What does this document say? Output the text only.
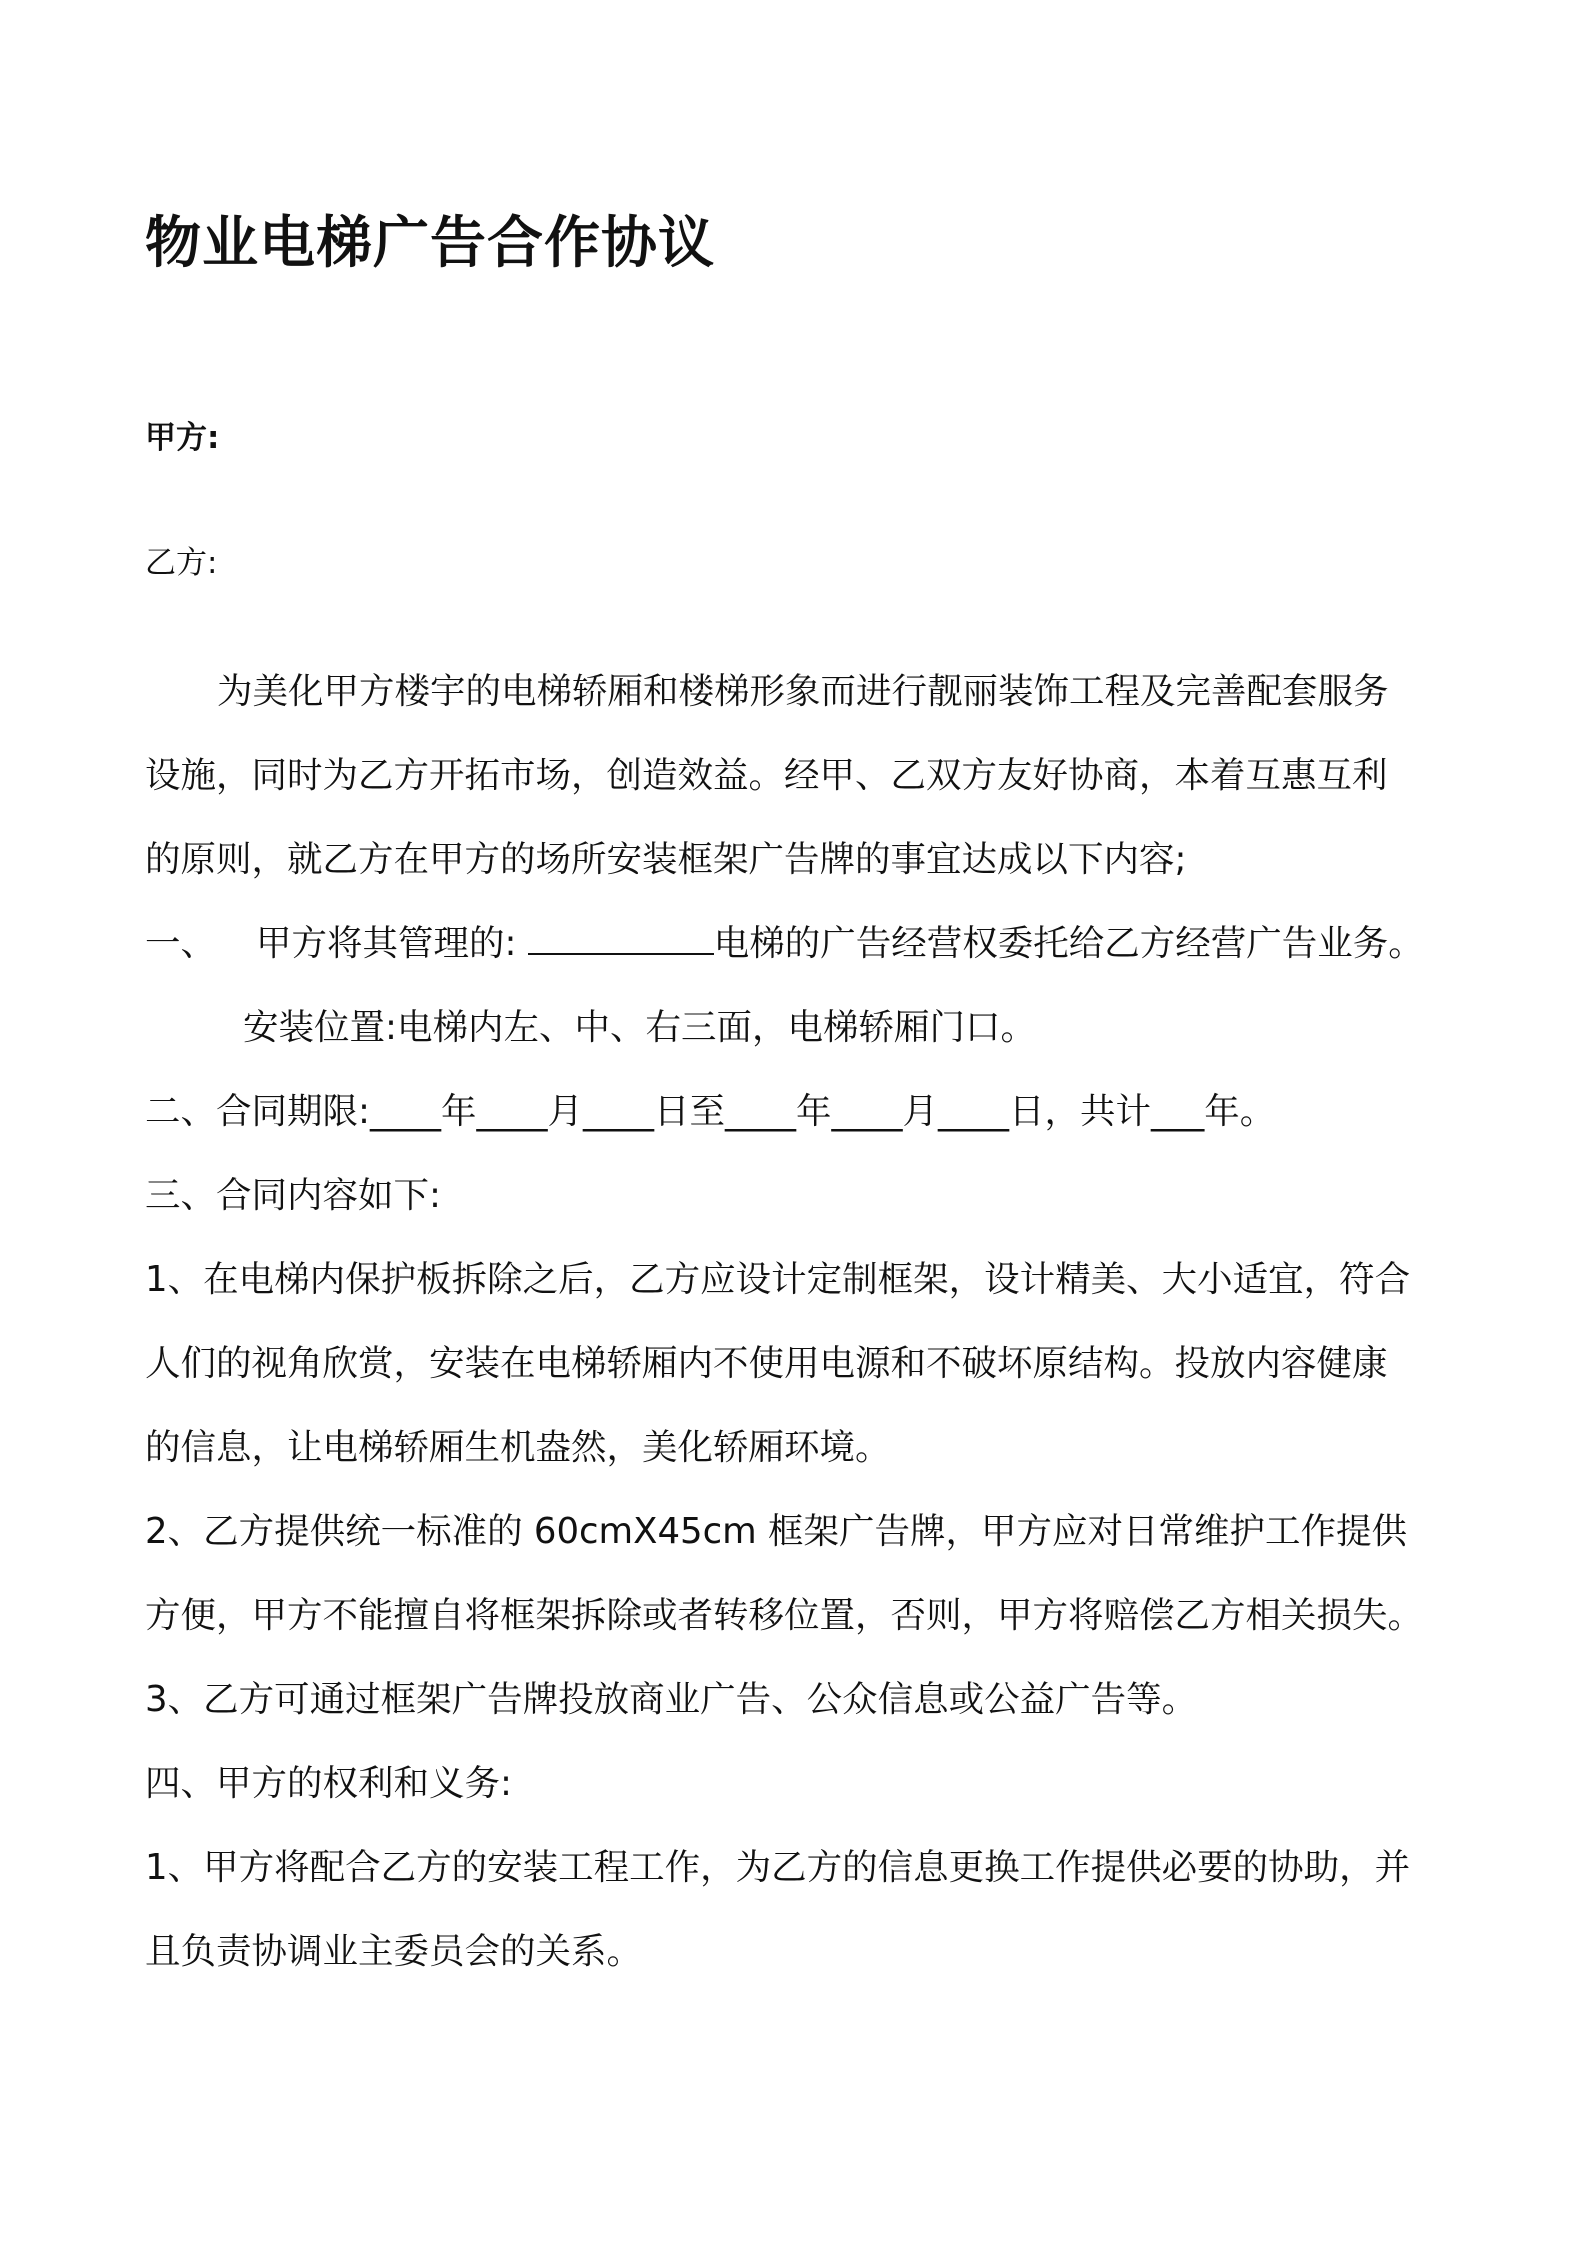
物业电梯广告合作协议

甲方:

乙方:

为美化甲方楼宇的电梯轿厢和楼梯形象而进行靓丽装饰工程及完善配套服务

设施，同时为乙方开拓市场，创造效益。经甲、乙双方友好协商，本着互惠互利

的原则，就乙方在甲方的场所安装框架广告牌的事宜达成以下内容;

一、 甲方将其管理的:	电梯的广告经营权委托给乙方经营广告业务。

安装位置:电梯内左、中、右三面，电梯轿厢门口。

二、合同期限:____年____月____日至____年____月____日，共计___年。

三、合同内容如下:

1、在电梯内保护板拆除之后，乙方应设计定制框架，设计精美、大小适宜，符合

人们的视角欣赏，安装在电梯轿厢内不使用电源和不破坏原结构。投放内容健康

的信息，让电梯轿厢生机盎然，美化轿厢环境。

2、乙方提供统一标准的 60cmX45cm 框架广告牌，甲方应对日常维护工作提供

方便，甲方不能擅自将框架拆除或者转移位置，否则，甲方将赔偿乙方相关损失。

3、乙方可通过框架广告牌投放商业广告、公众信息或公益广告等。

四、甲方的权利和义务:

1、甲方将配合乙方的安装工程工作，为乙方的信息更换工作提供必要的协助，并

且负责协调业主委员会的关系。
